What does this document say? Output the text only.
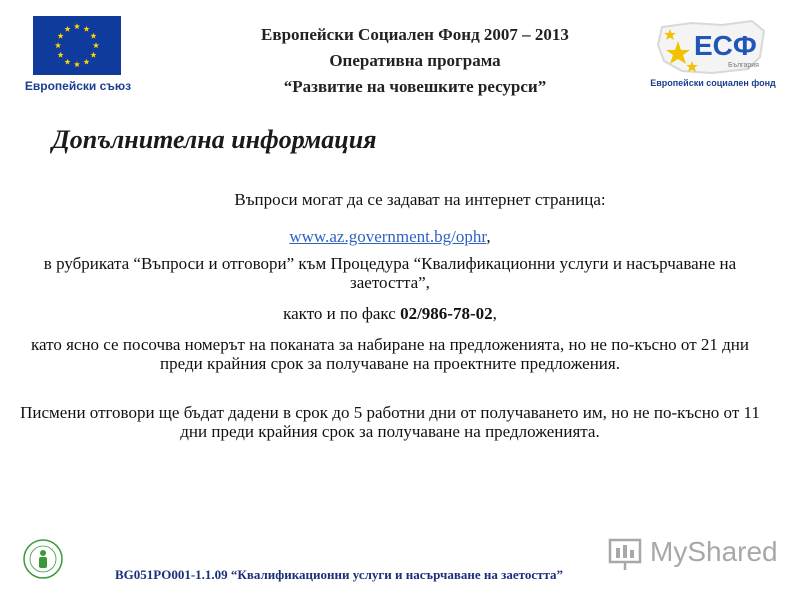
Европейски съюз
Европейски Социален Фонд 2007 – 2013
Оперативна програма
“Развитие на човешките ресурси”
ЕСФ
България
Европейски социален фонд
Допълнителна информация

Въпроси могат да се задават на интернет страница:

www.az.government.bg/ophr,

в рубриката “Въпроси и отговори” към Процедура “Квалификационни услуги и насърчаване на заетостта”,

както и по факс 02/986-78-02,

като ясно се посочва номерът на поканата за набиране на предложенията, но не по-късно от 21 дни преди крайния срок за получаване на проектните предложения.

Писмени отговори ще бъдат дадени в срок до 5 работни дни от получаването им, но не по-късно от 11 дни преди крайния срок за получаване на предложенията.

BG051PO001-1.1.09 “Квалификационни услуги и насърчаване на заетостта”
MyShared
